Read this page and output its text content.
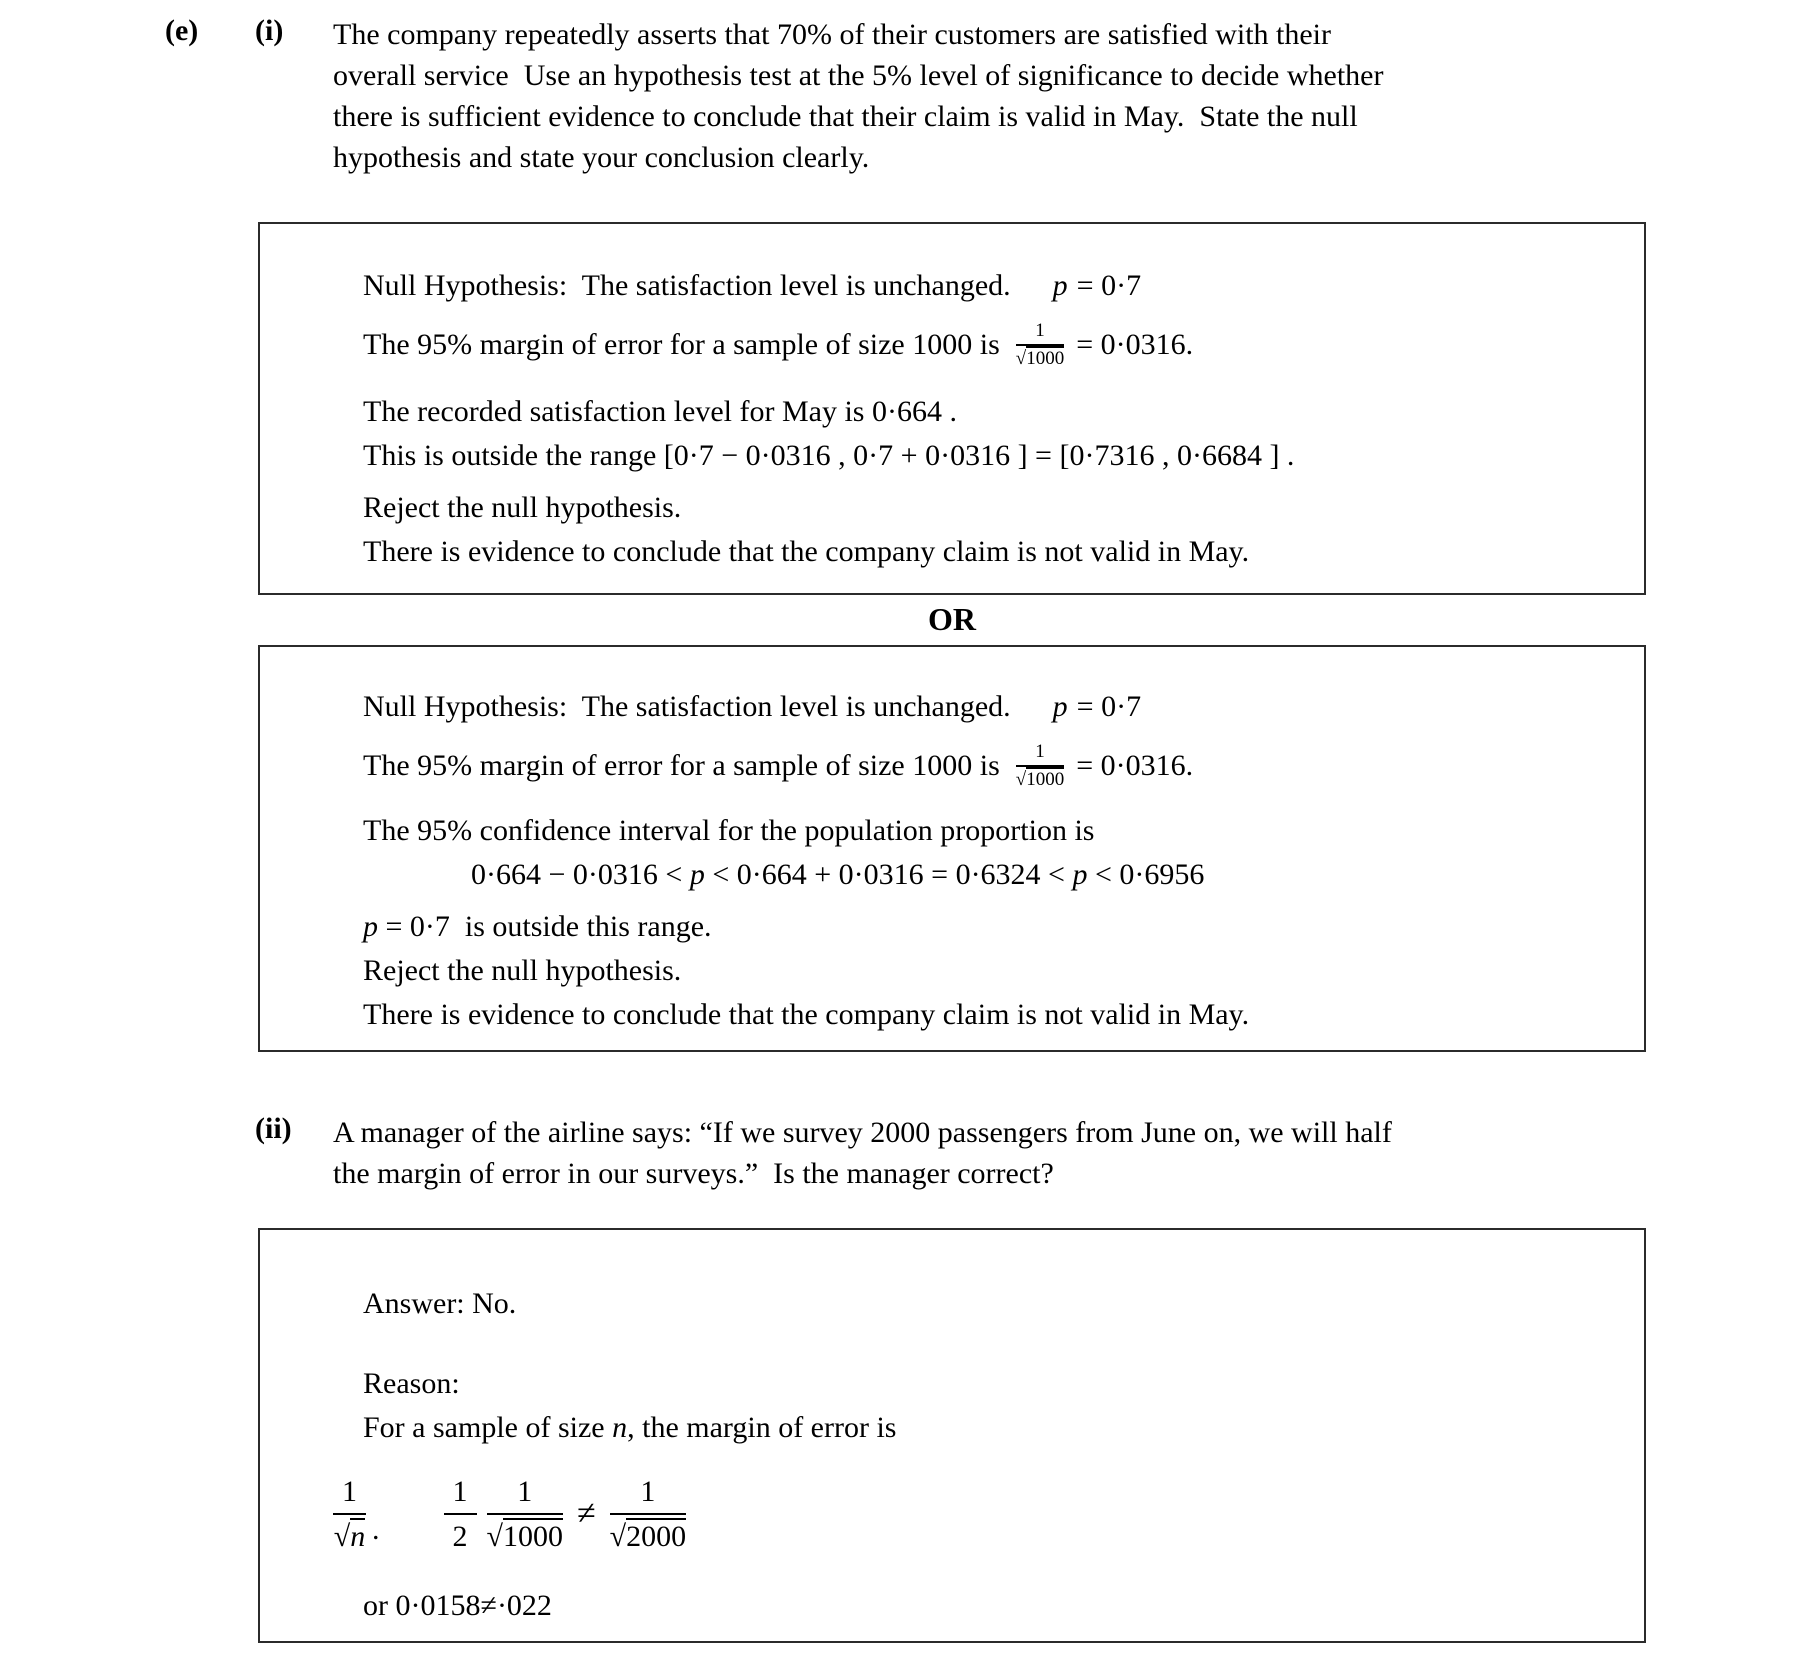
(e)	(i)	The company repeatedly asserts that 70% of their customers are satisfied with their
overall service  Use an hypothesis test at the 5% level of significance to decide whether
there is sufficient evidence to conclude that their claim is valid in May.  State the null
hypothesis and state your conclusion clearly.
Null Hypothesis:  The satisfaction level is unchanged. p = 0·7
The 95% margin of error for a sample of size 1000 is $\frac{1}{√1000} = 0\cdot 0316$.
The recorded satisfaction level for May is 0·664 .
This is outside the range [0·7 − 0·0316 , 0·7 + 0·0316 ] = [0·7316 , 0·6684 ] .
Reject the null hypothesis.
There is evidence to conclude that the company claim is not valid in May.
OR
Null Hypothesis:  The satisfaction level is unchanged. p = 0·7
The 95% margin of error for a sample of size 1000 is $\frac{1}{√1000} = 0\cdot 0316$.
The 95% confidence interval for the population proportion is
0·664 − 0·0316 < p < 0·664 + 0·0316 = 0·6324 < p < 0·6956
p = 0·7  is outside this range.
Reject the null hypothesis.
There is evidence to conclude that the company claim is not valid in May.
(ii)	A manager of the airline says: “If we survey 2000 passengers from June on, we will half
the margin of error in our surveys.”  Is the manager correct?
Answer: No.
Reason:
For a sample of size n, the margin of error is
$\frac{1}{√n}$ . $\frac{1}{2} \frac{1}{√1000} \ne \frac{1}{√2000}$
or 0·0158≠·022
